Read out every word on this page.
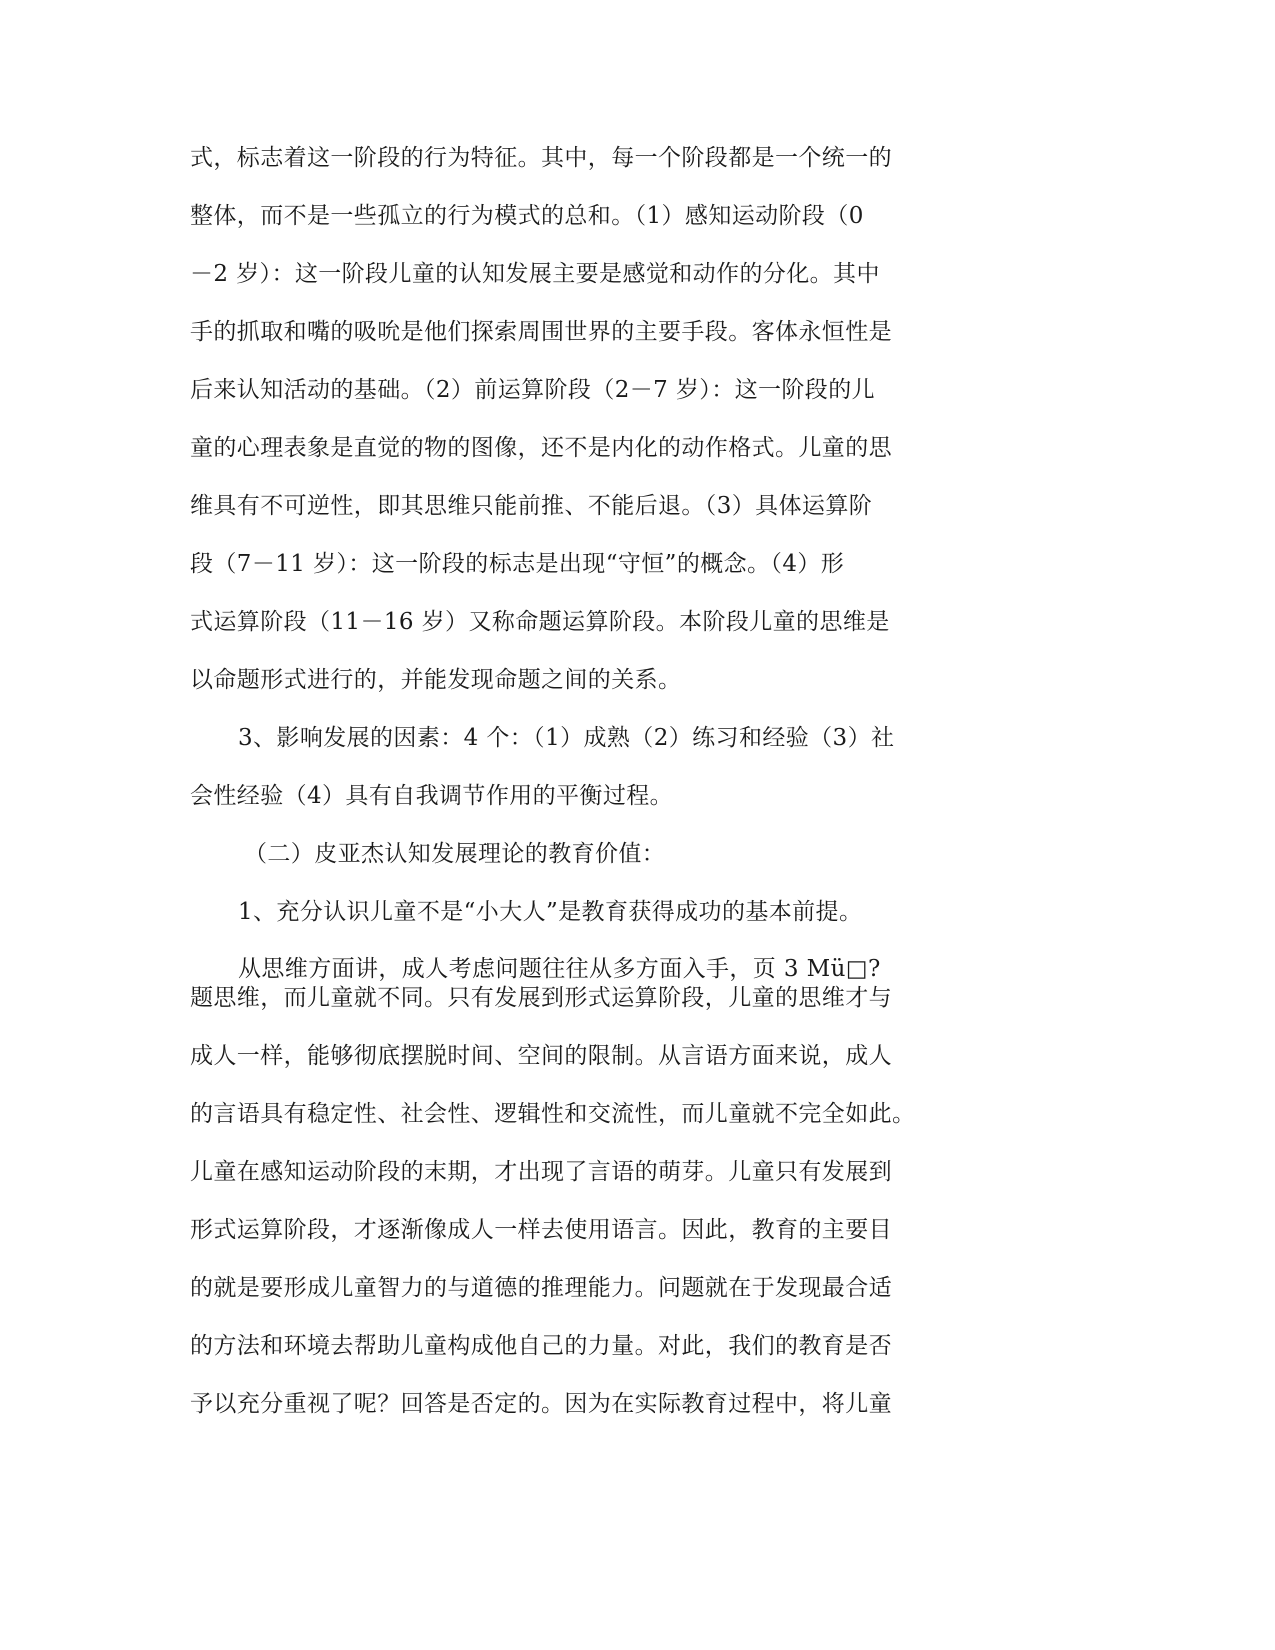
式，标志着这一阶段的行为特征。其中，每一个阶段都是一个统一的
整体，而不是一些孤立的行为模式的总和。（1）感知运动阶段（0
－2 岁）：这一阶段儿童的认知发展主要是感觉和动作的分化。其中
手的抓取和嘴的吸吮是他们探索周围世界的主要手段。客体永恒性是
后来认知活动的基础。（2）前运算阶段（2－7 岁）：这一阶段的儿
童的心理表象是直觉的物的图像，还不是内化的动作格式。儿童的思
维具有不可逆性，即其思维只能前推、不能后退。（3）具体运算阶
段（7－11 岁）：这一阶段的标志是出现“守恒”的概念。（4）形
式运算阶段（11－16 岁）又称命题运算阶段。本阶段儿童的思维是
以命题形式进行的，并能发现命题之间的关系。
3、影响发展的因素：4 个：（1）成熟（2）练习和经验（3）社
会性经验（4）具有自我调节作用的平衡过程。
（二）皮亚杰认知发展理论的教育价值：
1、充分认识儿童不是“小大人”是教育获得成功的基本前提。
从思维方面讲，成人考虑问题往往从多方面入手，页 3 Mü□?
题思维，而儿童就不同。只有发展到形式运算阶段，儿童的思维才与
成人一样，能够彻底摆脱时间、空间的限制。从言语方面来说，成人
的言语具有稳定性、社会性、逻辑性和交流性，而儿童就不完全如此。
儿童在感知运动阶段的末期，才出现了言语的萌芽。儿童只有发展到
形式运算阶段，才逐渐像成人一样去使用语言。因此，教育的主要目
的就是要形成儿童智力的与道德的推理能力。问题就在于发现最合适
的方法和环境去帮助儿童构成他自己的力量。对此，我们的教育是否
予以充分重视了呢？回答是否定的。因为在实际教育过程中，将儿童
